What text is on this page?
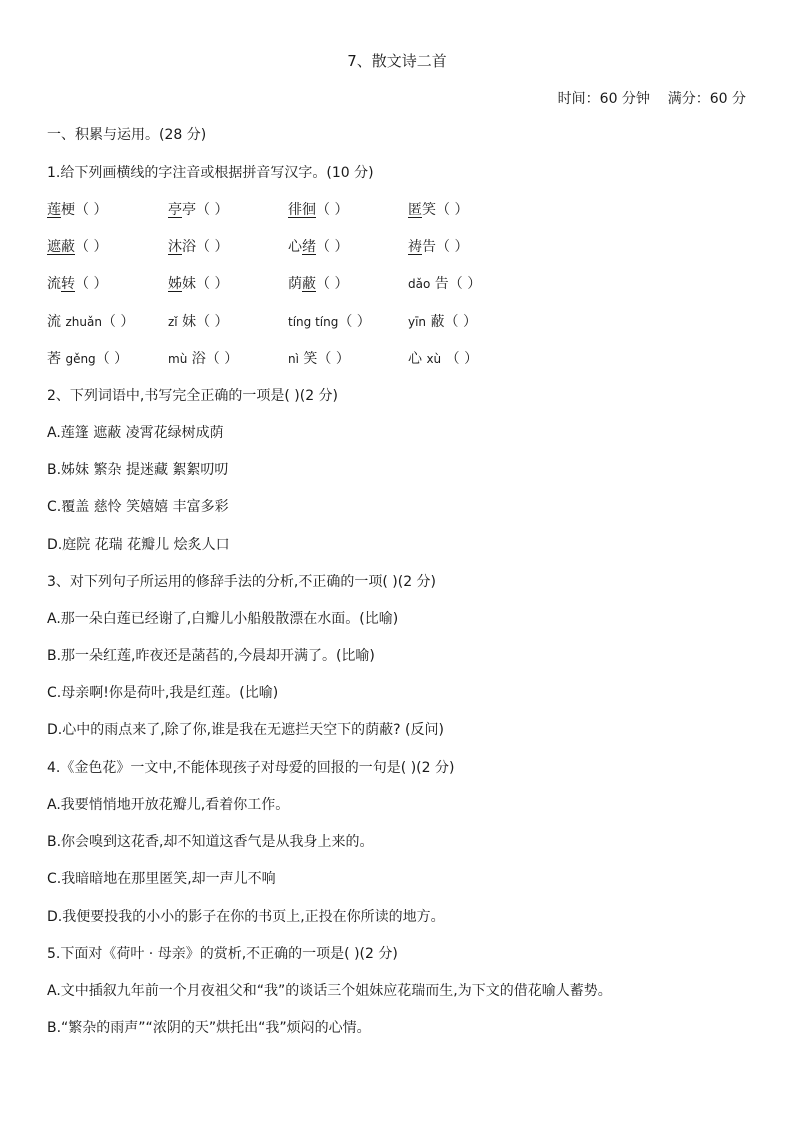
7、散文诗二首
时间：60 分钟    满分：60 分
一、积累与运用。(28 分)
1.给下列画横线的字注音或根据拼音写汉字。(10 分)
莲梗（ ）	亭亭（ ）	徘徊（ ）	匿笑（ ）
遮蔽（ ）	沐浴（ ）	心绪（ ）	祷告（ ）
流转（ ）	姊妹（ ）	荫蔽（ ）	dǎo 告（ ）
流 zhuǎn（ ）	zǐ 妹（ ）	tíng tíng（ ）	yīn 蔽（ ）
莕 gěng（ ）	mù 浴（ ）	nì 笑（ ）	心 xù （ ）
2、下列词语中,书写完全正确的一项是( )(2 分)
A.莲篷 遮蔽 凌霄花绿树成荫
B.姊妹 繁杂 提迷藏 絮絮叨叨
C.覆盖 慈怜 笑嬉嬉 丰富多彩
D.庭院 花瑞 花瓣儿 烩炙人口
3、对下列句子所运用的修辞手法的分析,不正确的一项( )(2 分)
A.那一朵白莲已经谢了,白瓣儿小船般散漂在水面。(比喻)
B.那一朵红莲,昨夜还是菡萏的,今晨却开满了。(比喻)
C.母亲啊!你是荷叶,我是红莲。(比喻)
D.心中的雨点来了,除了你,谁是我在无遮拦天空下的荫蔽? (反问)
4.《金色花》一文中,不能体现孩子对母爱的回报的一句是( )(2 分)
A.我要悄悄地开放花瓣儿,看着你工作。
B.你会嗅到这花香,却不知道这香气是从我身上来的。
C.我暗暗地在那里匿笑,却一声儿不响
D.我便要投我的小小的影子在你的书页上,正投在你所读的地方。
5.下面对《荷叶 · 母亲》的赏析,不正确的一项是( )(2 分)
A.文中插叙九年前一个月夜祖父和“我”的谈话三个姐妹应花瑞而生,为下文的借花喻人蓄势。
B.“繁杂的雨声”“浓阴的天”烘托出“我”烦闷的心情。
